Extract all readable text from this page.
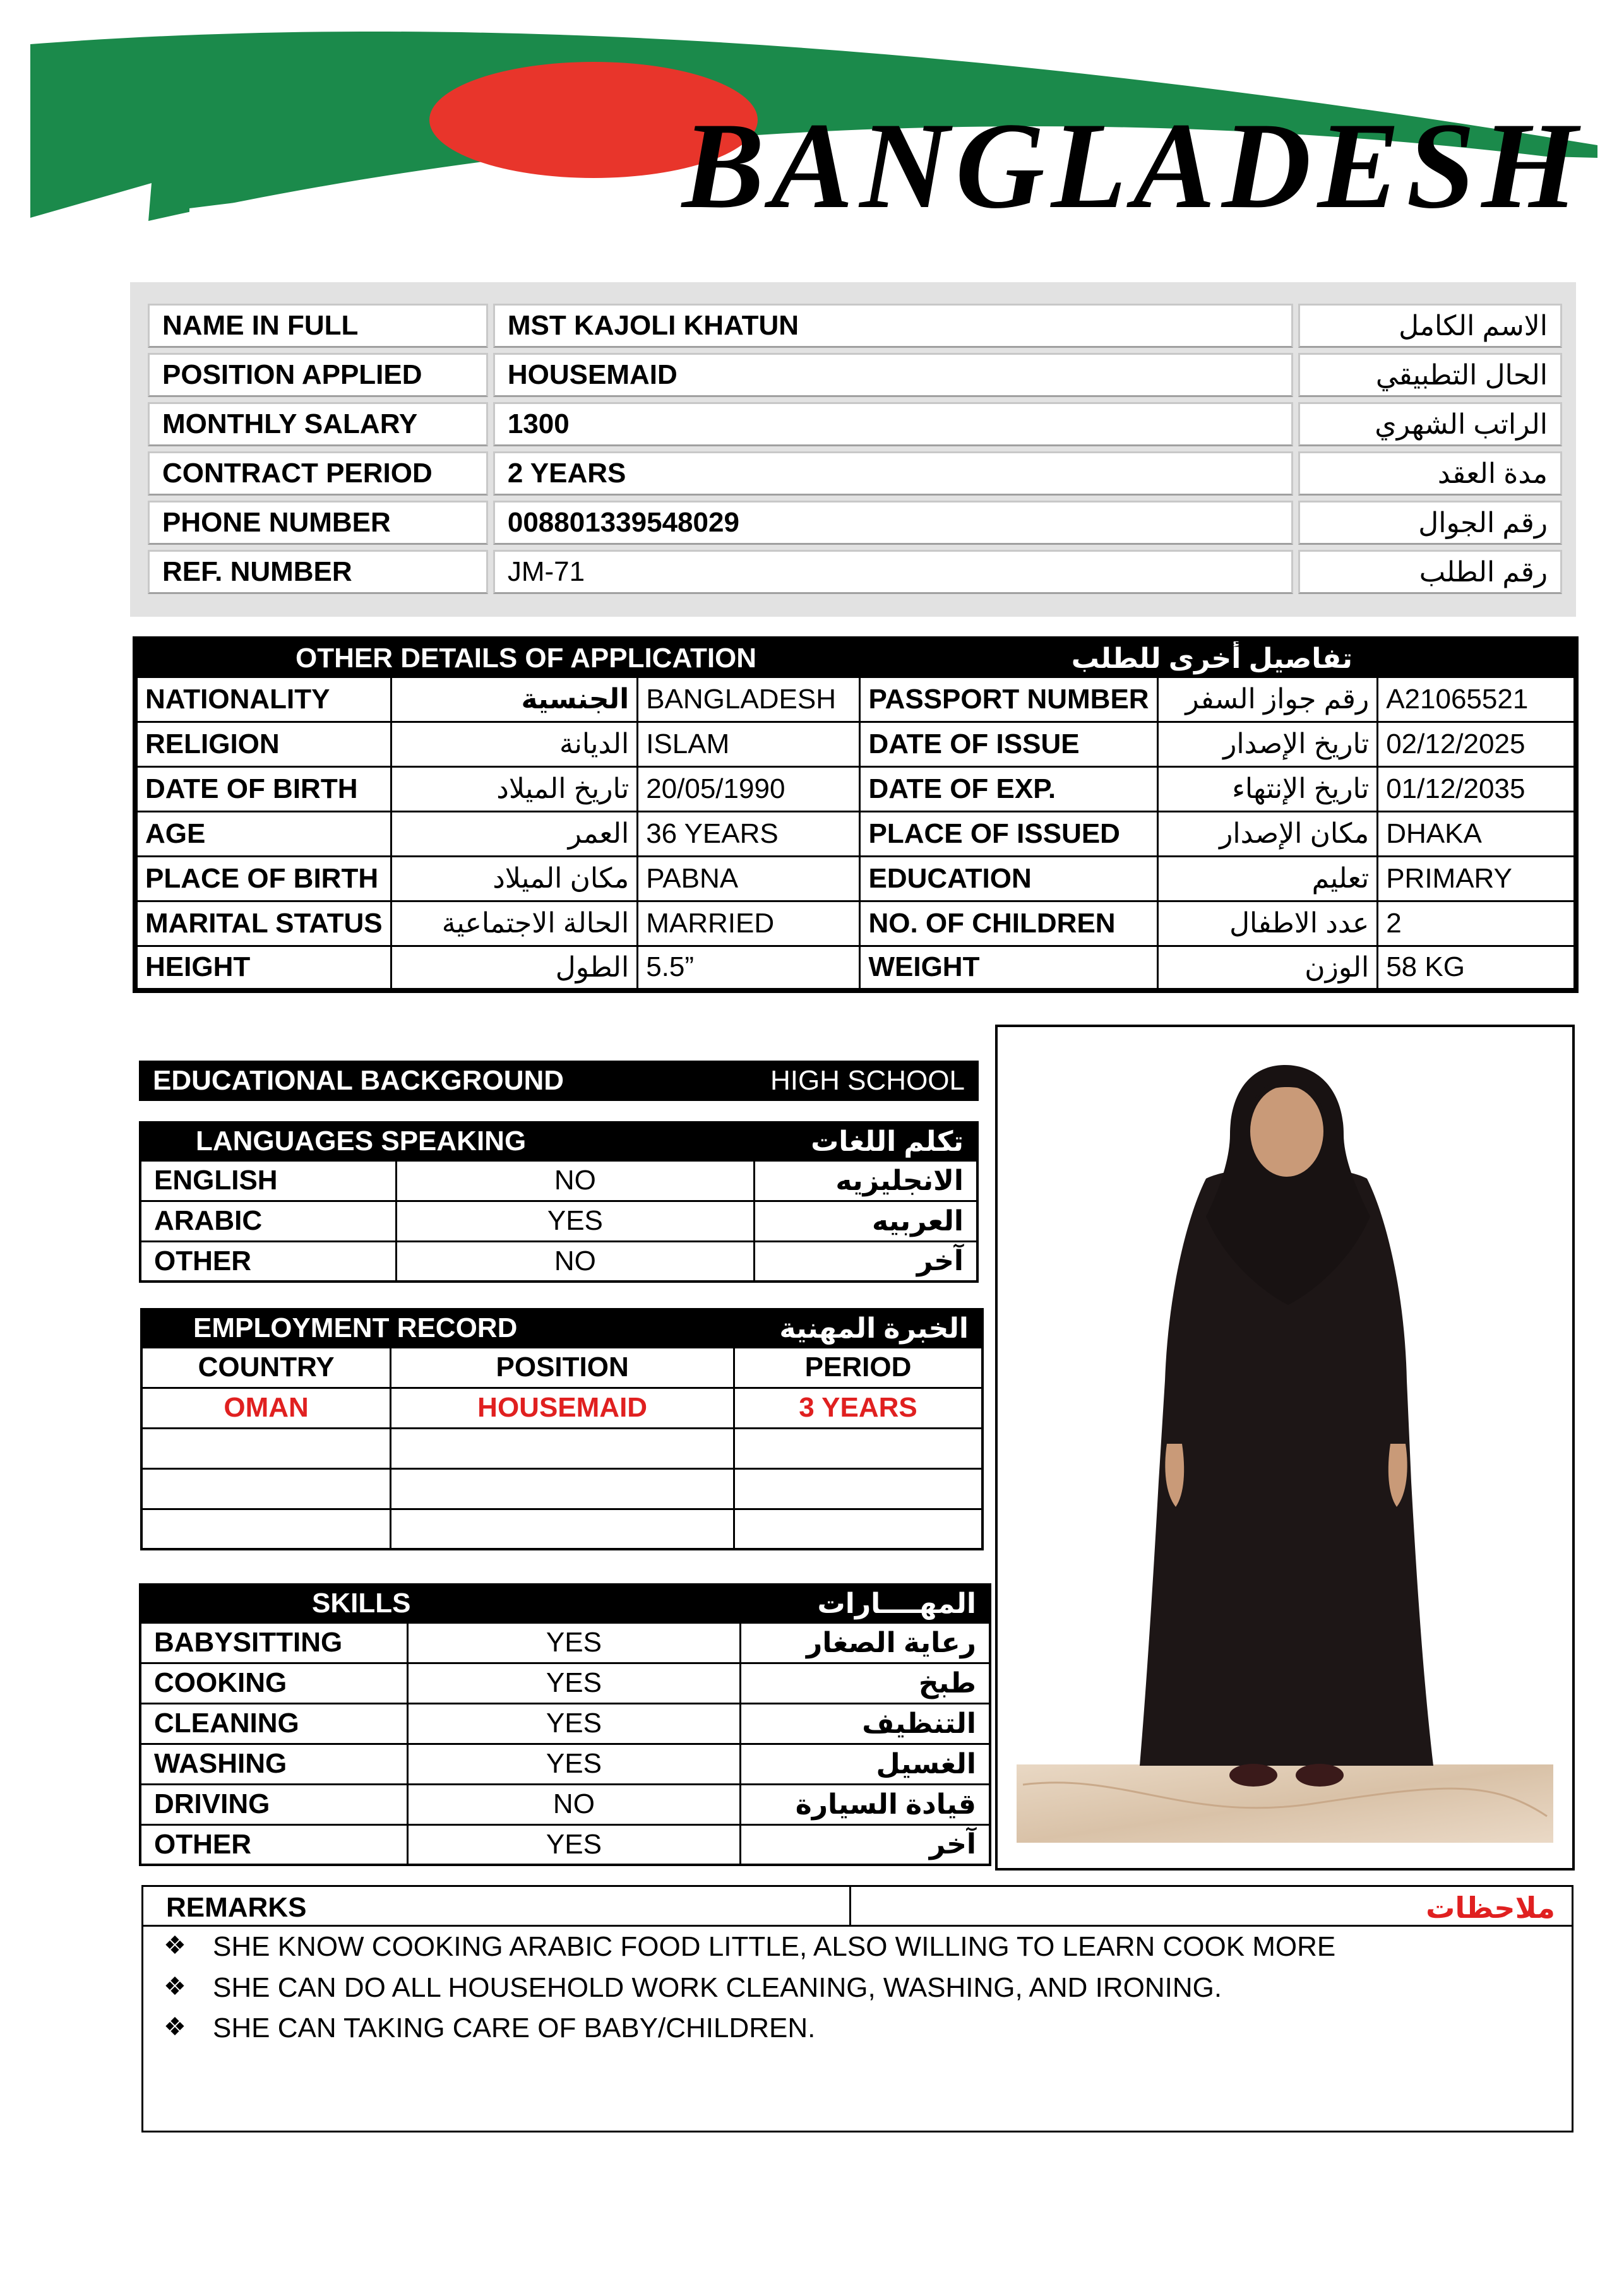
BANGLADESH
NAME IN FULL	MST KAJOLI KHATUN	الاسم الكامل
POSITION APPLIED	HOUSEMAID	الحال التطبيقي
MONTHLY SALARY	1300	الراتب الشهري
CONTRACT PERIOD	2 YEARS	مدة العقد
PHONE NUMBER	008801339548029	رقم الجوال
REF. NUMBER	JM-71	رقم الطلب
OTHER DETAILS OF APPLICATION			تفاصيل أخرى للطلب		
NATIONALITY	الجنسية	BANGLADESH	PASSPORT NUMBER	رقم جواز السفر	A21065521
RELIGION	الديانة	ISLAM	DATE OF ISSUE	تاريخ الإصدار	02/12/2025
DATE OF BIRTH	تاريخ الميلاد	20/05/1990	DATE OF EXP.	تاريخ الإنتهاء	01/12/2035
AGE	العمر	36 YEARS	PLACE OF ISSUED	مكان الإصدار	DHAKA
PLACE OF BIRTH	مكان الميلاد	PABNA	EDUCATION	تعليم	PRIMARY
MARITAL STATUS	الحالة الاجتماعية	MARRIED	NO. OF CHILDREN	عدد الاطفال	2
HEIGHT	الطول	5.5”	WEIGHT	الوزن	58 KG
EDUCATIONAL BACKGROUND	HIGH SCHOOL
LANGUAGES SPEAKING		تكلم اللغات
ENGLISH	NO	الانجليزيه
ARABIC	YES	العربيه
OTHER	NO	آخر
EMPLOYMENT RECORD		الخبرة المهنية
COUNTRY	POSITION	PERIOD
OMAN	HOUSEMAID	3 YEARS

SKILLS		المهــــارات
BABYSITTING	YES	رعاية الصغار
COOKING	YES	طبخ
CLEANING	YES	التنظيف
WASHING	YES	الغسيل
DRIVING	NO	قيادة السيارة
OTHER	YES	آخر
REMARKS	ملاحظات
❖ SHE KNOW COOKING ARABIC FOOD LITTLE, ALSO WILLING TO LEARN COOK MORE
❖ SHE CAN DO ALL HOUSEHOLD WORK CLEANING, WASHING, AND IRONING.
❖ SHE CAN TAKING CARE OF BABY/CHILDREN.
